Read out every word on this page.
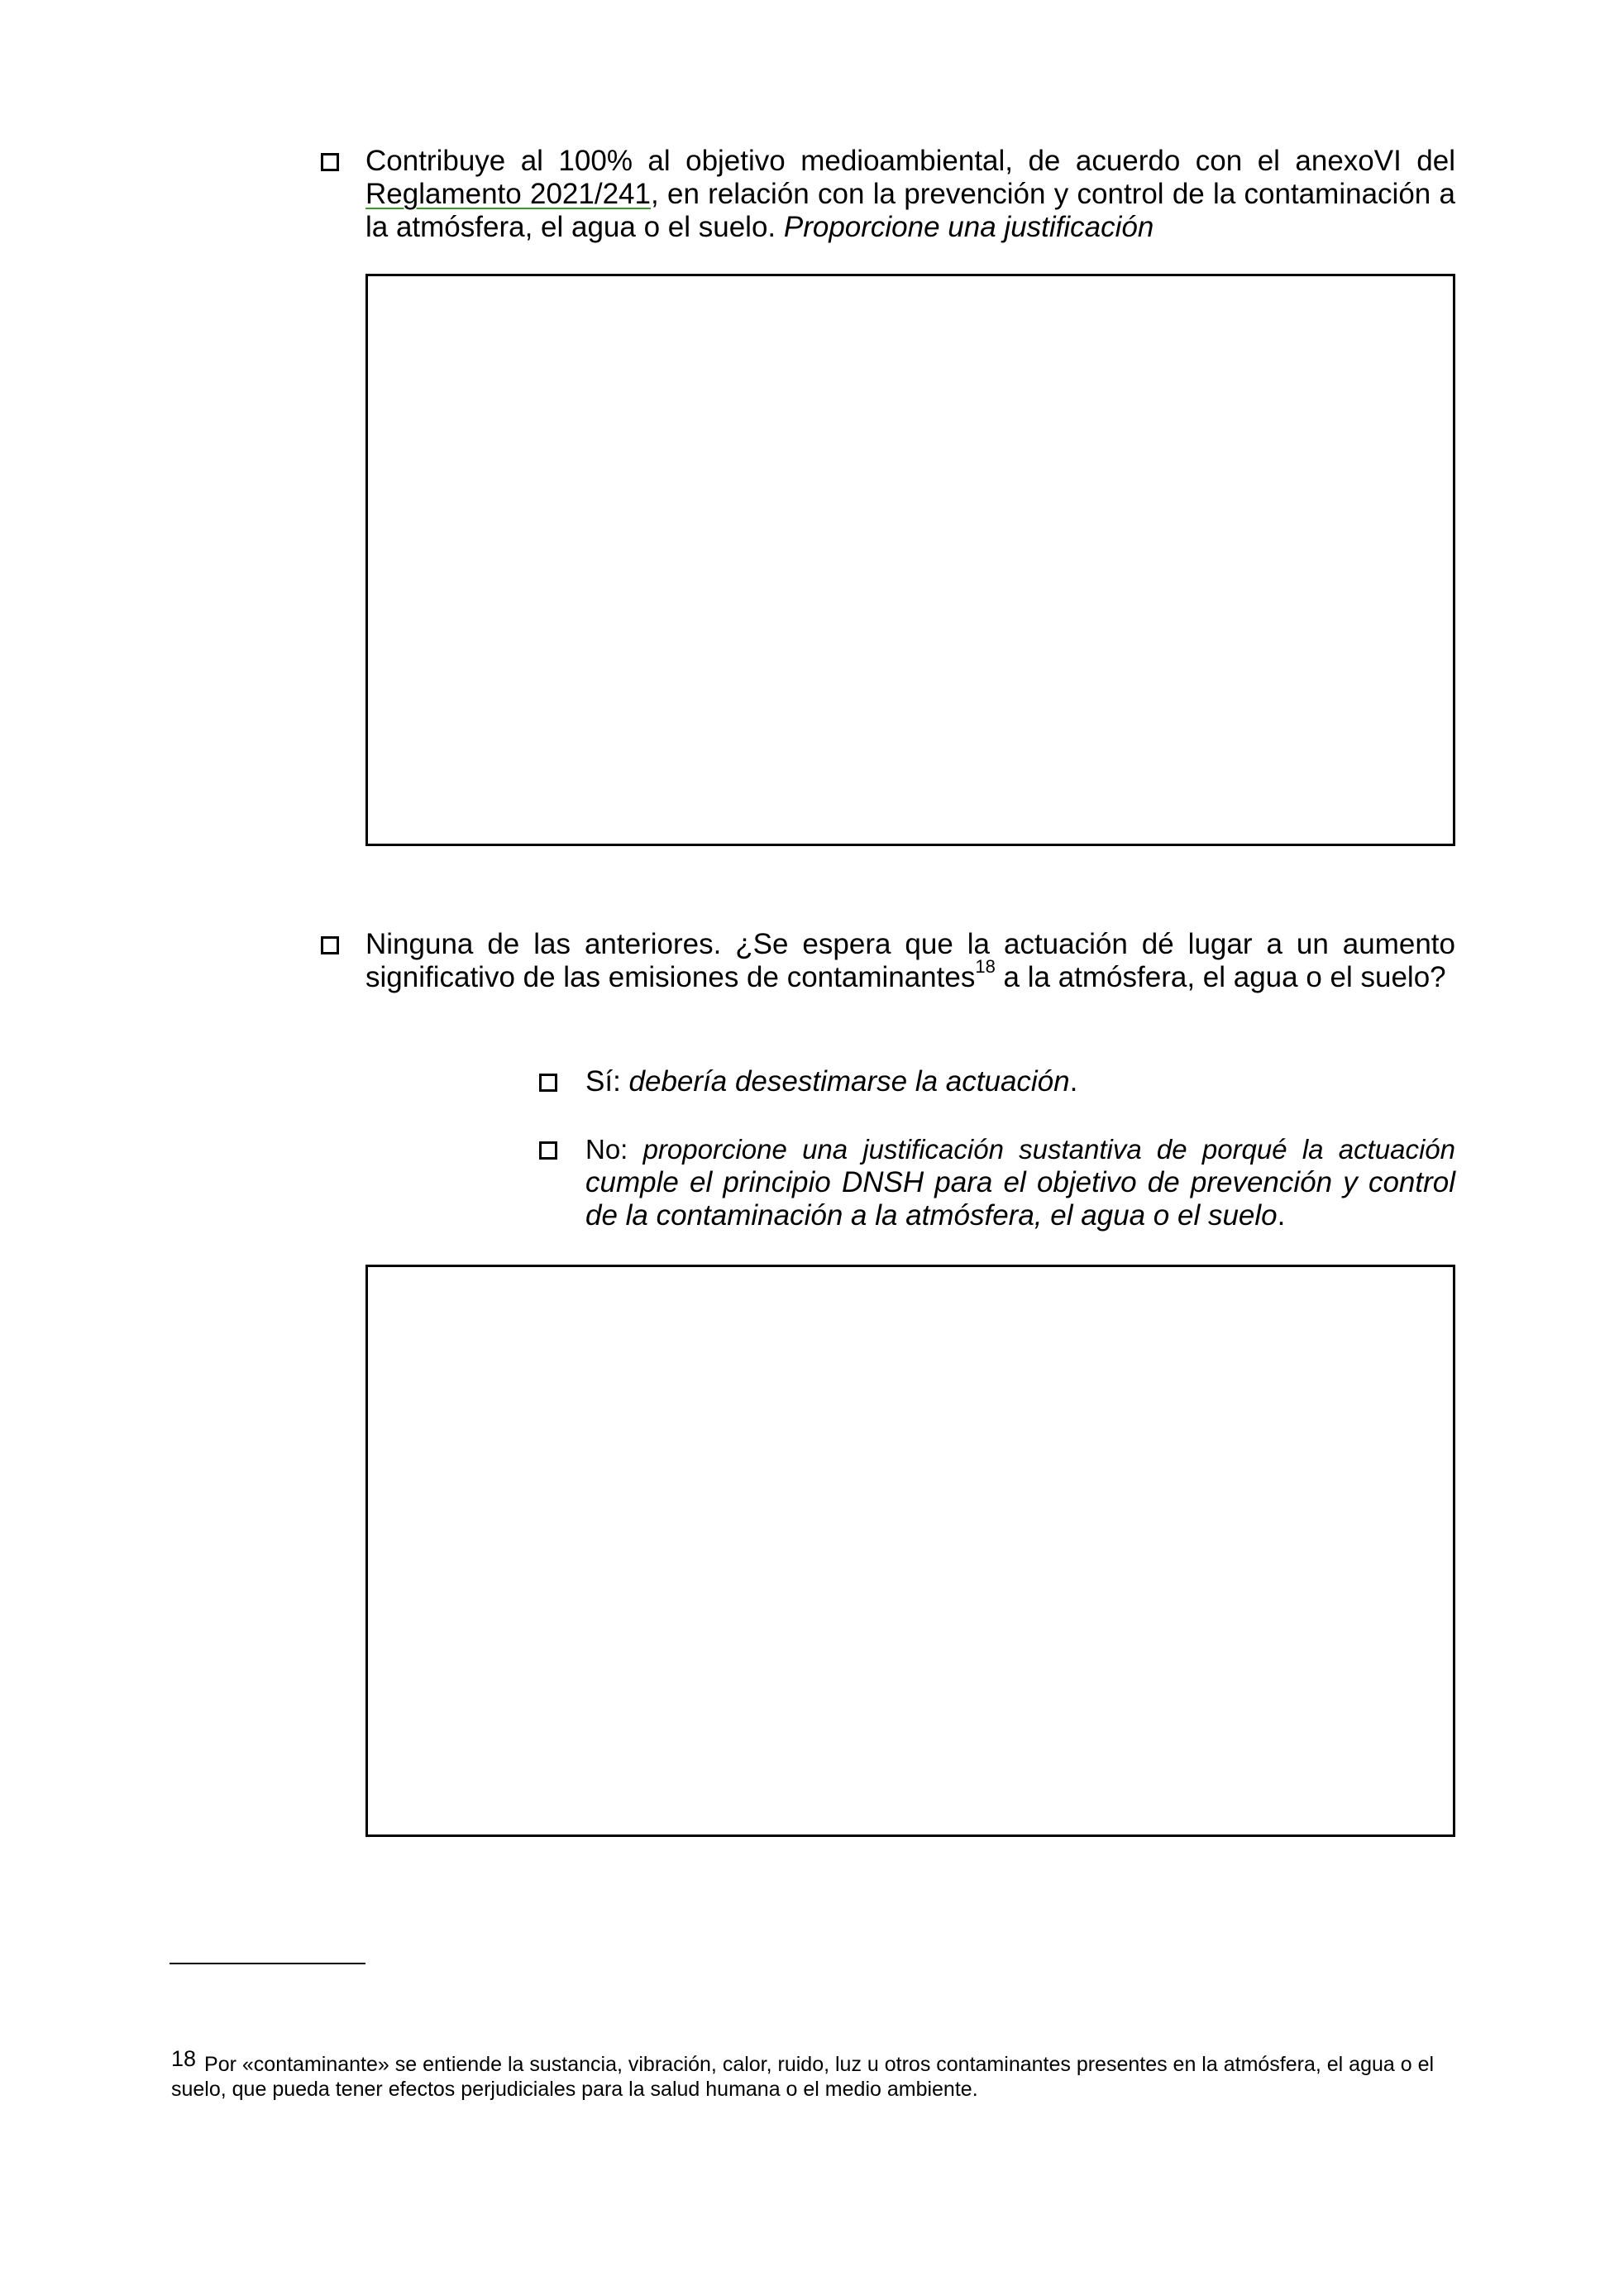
Contribuye al 100% al objetivo medioambiental, de acuerdo con el anexoVI del Reglamento 2021/241, en relación con la prevención y control de la contaminación a la atmósfera, el agua o el suelo. Proporcione una justificación
Ninguna de las anteriores. ¿Se espera que la actuación dé lugar a un aumento significativo de las emisiones de contaminantes$^{18}$ a la atmósfera, el agua o el suelo?
Sí: debería desestimarse la actuación.
No: proporcione una justificación sustantiva de porqué la actuación cumple el principio DNSH para el objetivo de prevención y control de la contaminación a la atmósfera, el agua o el suelo.
18 Por «contaminante» se entiende la sustancia, vibración, calor, ruido, luz u otros contaminantes presentes en la atmósfera, el agua o el suelo, que pueda tener efectos perjudiciales para la salud humana o el medio ambiente.
